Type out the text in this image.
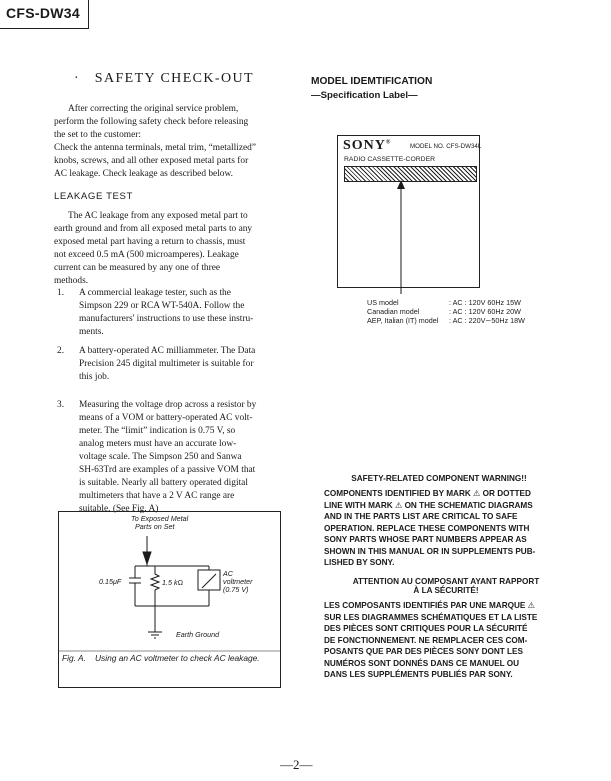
CFS-DW34
· SAFETY CHECK-OUT
After correcting the original service problem,
perform the following safety check before releasing
the set to the customer:
Check the antenna terminals, metal trim, “metallized”
knobs, screws, and all other exposed metal parts for
AC leakage. Check leakage as described below.
LEAKAGE TEST
The AC leakage from any exposed metal part to
earth ground and from all exposed metal parts to any
exposed metal part having a return to chassis, must
not exceed 0.5 mA (500 microamperes). Leakage
current can be measured by any one of three
methods.
1. A commercial leakage tester, such as the
Simpson 229 or RCA WT-540A. Follow the
manufacturers' instructions to use these instru-
ments.
2. A battery-operated AC milliammeter. The Data
Precision 245 digital multimeter is suitable for
this job.
3. Measuring the voltage drop across a resistor by
means of a VOM or battery-operated AC volt-
meter. The “limit” indication is 0.75 V, so
analog meters must have an accurate low-
voltage scale. The Simpson 250 and Sanwa
SH-63Trd are examples of a passive VOM that
is suitable. Nearly all battery operated digital
multimeters that have a 2 V AC range are
suitable. (See Fig. A)
To Exposed Metal
Parts on Set
0.15μF	1.5 kΩ
AC
voltmeter
(0.75 V)
Earth Ground
Fig. A. Using an AC voltmeter to check AC leakage.
MODEL IDEMTIFICATION
—Specification Label—
SONY®
MODEL NO. CFS-DW34L
RADIO CASSETTE-CORDER
US model	: AC : 120V 60Hz 15W
Canadian model	: AC : 120V 60Hz 20W
AEP, Italian (IT) model : AC : 220V∼50Hz 18W
SAFETY-RELATED COMPONENT WARNING!!
COMPONENTS IDENTIFIED BY MARK ⚠ OR DOTTED
LINE WITH MARK ⚠ ON THE SCHEMATIC DIAGRAMS
AND IN THE PARTS LIST ARE CRITICAL TO SAFE
OPERATION. REPLACE THESE COMPONENTS WITH
SONY PARTS WHOSE PART NUMBERS APPEAR AS
SHOWN IN THIS MANUAL OR IN SUPPLEMENTS PUB-
LISHED BY SONY.
ATTENTION AU COMPOSANT AYANT RAPPORT
À LA SÉCURITÉ!
LES COMPOSANTS IDENTIFIÉS PAR UNE MARQUE ⚠
SUR LES DIAGRAMMES SCHÉMATIQUES ET LA LISTE
DES PIÈCES SONT CRITIQUES POUR LA SÉCURITÉ
DE FONCTIONNEMENT. NE REMPLACER CES COM-
POSANTS QUE PAR DES PIÈCES SONY DONT LES
NUMÉROS SONT DONNÉS DANS CE MANUEL OU
DANS LES SUPPLÉMENTS PUBLIÉS PAR SONY.
—2—
